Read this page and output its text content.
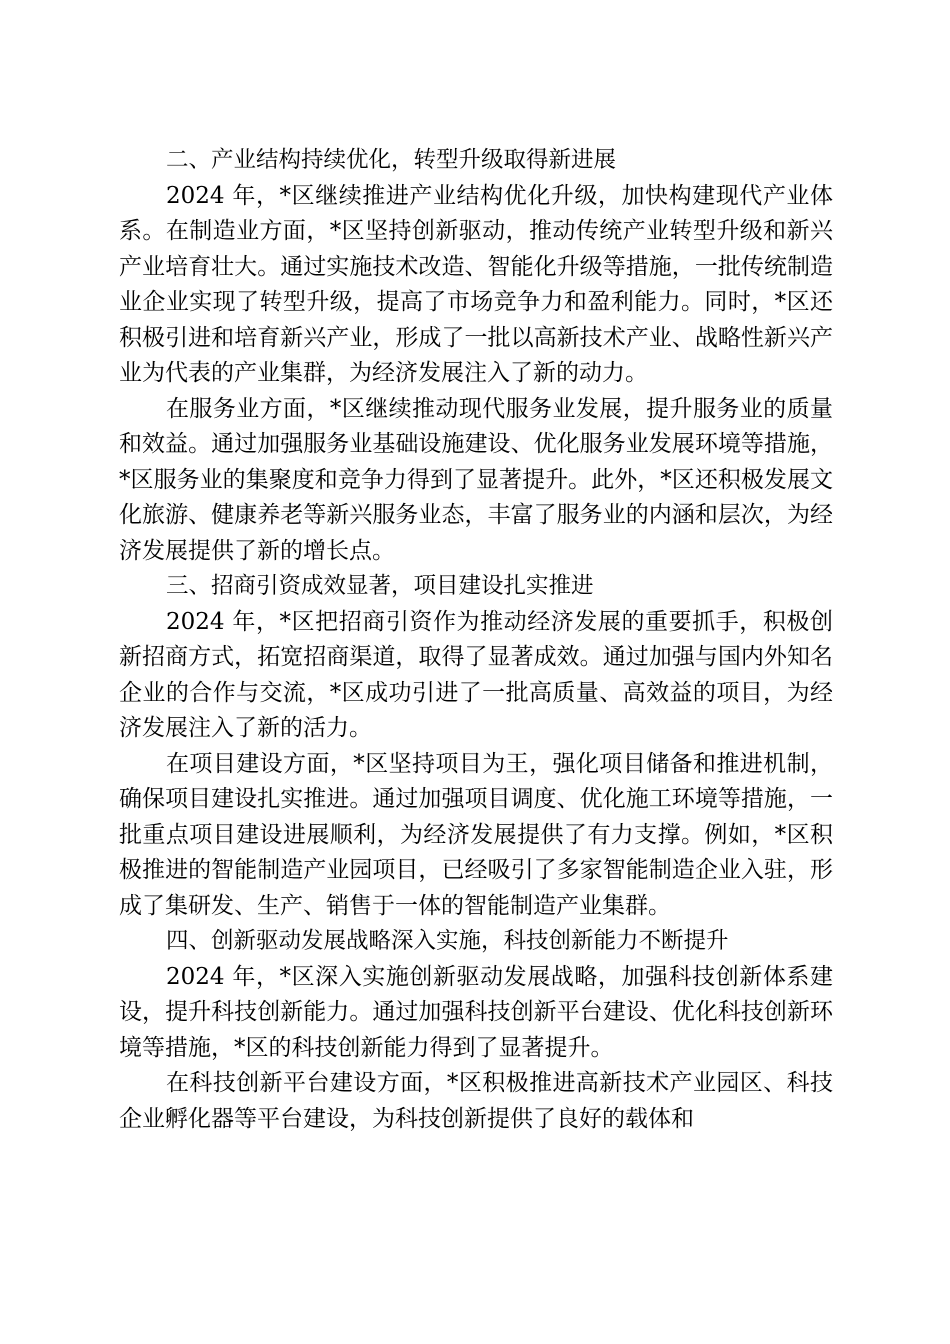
二、产业结构持续优化，转型升级取得新进展

2024 年，*区继续推进产业结构优化升级，加快构建现代产业体系。在制造业方面，*区坚持创新驱动，推动传统产业转型升级和新兴产业培育壮大。通过实施技术改造、智能化升级等措施，一批传统制造业企业实现了转型升级，提高了市场竞争力和盈利能力。同时，*区还积极引进和培育新兴产业，形成了一批以高新技术产业、战略性新兴产业为代表的产业集群，为经济发展注入了新的动力。

在服务业方面，*区继续推动现代服务业发展，提升服务业的质量和效益。通过加强服务业基础设施建设、优化服务业发展环境等措施，*区服务业的集聚度和竞争力得到了显著提升。此外，*区还积极发展文化旅游、健康养老等新兴服务业态，丰富了服务业的内涵和层次，为经济发展提供了新的增长点。

三、招商引资成效显著，项目建设扎实推进

2024 年，*区把招商引资作为推动经济发展的重要抓手，积极创新招商方式，拓宽招商渠道，取得了显著成效。通过加强与国内外知名企业的合作与交流，*区成功引进了一批高质量、高效益的项目，为经济发展注入了新的活力。

在项目建设方面，*区坚持项目为王，强化项目储备和推进机制，确保项目建设扎实推进。通过加强项目调度、优化施工环境等措施，一批重点项目建设进展顺利，为经济发展提供了有力支撑。例如，*区积极推进的智能制造产业园项目，已经吸引了多家智能制造企业入驻，形成了集研发、生产、销售于一体的智能制造产业集群。

四、创新驱动发展战略深入实施，科技创新能力不断提升

2024 年，*区深入实施创新驱动发展战略，加强科技创新体系建设，提升科技创新能力。通过加强科技创新平台建设、优化科技创新环境等措施，*区的科技创新能力得到了显著提升。

在科技创新平台建设方面，*区积极推进高新技术产业园区、科技企业孵化器等平台建设，为科技创新提供了良好的载体和
